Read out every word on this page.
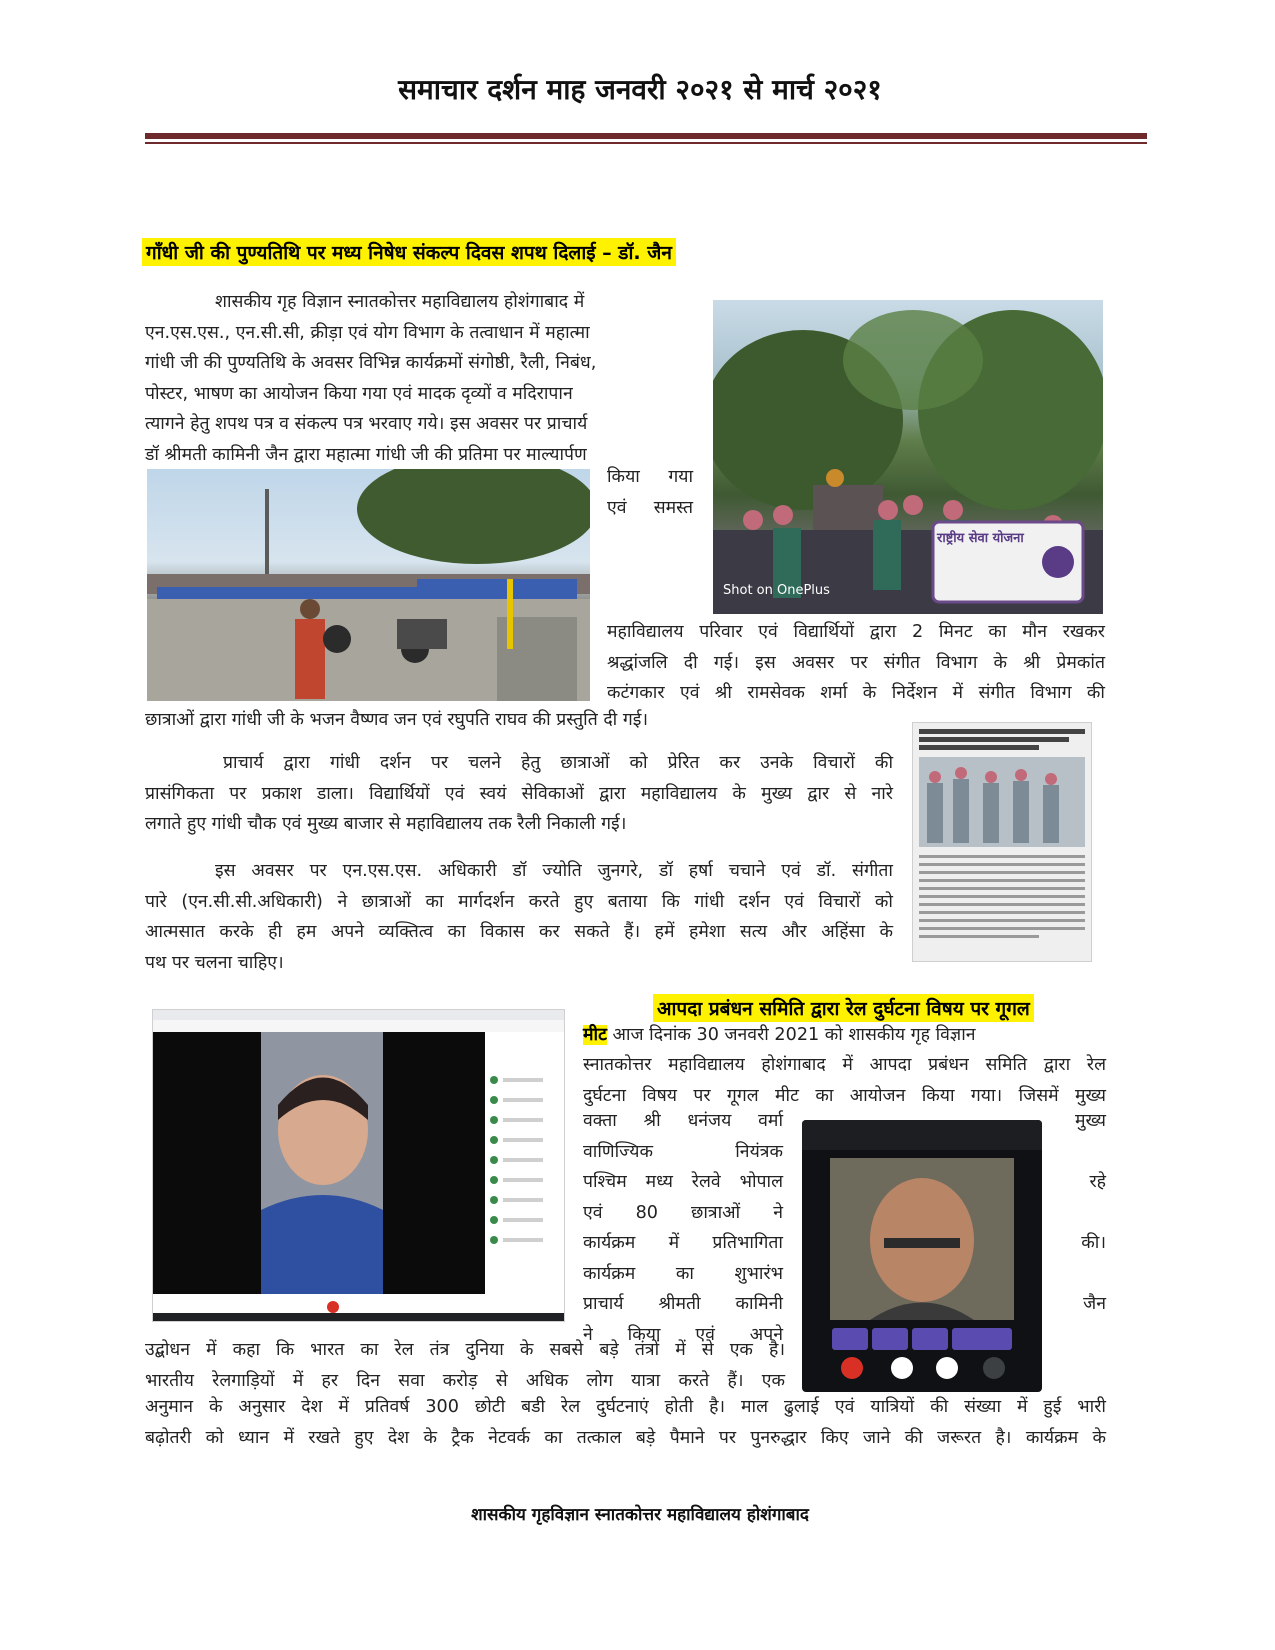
समाचार दर्शन माह जनवरी २०२१ से मार्च २०२१
गाँधी जी की पुण्यतिथि पर मध्य निषेध संकल्प दिवस शपथ दिलाई – डॉ. जैन

शासकीय गृह विज्ञान स्नातकोत्तर महाविद्यालय होशंगाबाद में

एन.एस.एस., एन.सी.सी, क्रीड़ा एवं योग विभाग के तत्वाधान में महात्मा

गांधी जी की पुण्यतिथि के अवसर विभिन्न कार्यक्रमों संगोष्ठी, रैली, निबंध,

पोस्टर, भाषण का आयोजन किया गया एवं मादक दृव्यों व मदिरापान

त्यागने हेतु शपथ पत्र व संकल्प पत्र भरवाए गये। इस अवसर पर प्राचार्य

डॉ श्रीमती कामिनी जैन द्वारा महात्मा गांधी जी की प्रतिमा पर माल्यार्पण

राष्ट्रीय सेवा योजना
Shot on OnePlus

किया गया

एवं समस्त

महाविद्यालय परिवार एवं विद्यार्थियों द्वारा 2 मिनट का मौन रखकर

श्रद्धांजलि दी गई। इस अवसर पर संगीत विभाग के श्री प्रेमकांत

कटंगकार एवं श्री रामसेवक शर्मा के निर्देशन में संगीत विभाग की

छात्राओं द्वारा गांधी जी के भजन वैष्णव जन एवं रघुपति राघव की प्रस्तुति दी गई।

प्राचार्य द्वारा गांधी दर्शन पर चलने हेतु छात्राओं को प्रेरित कर उनके विचारों की

प्रासंगिकता पर प्रकाश डाला। विद्यार्थियों एवं स्वयं सेविकाओं द्वारा महाविद्यालय के मुख्य द्वार से नारे

लगाते हुए गांधी चौक एवं मुख्य बाजार से महाविद्यालय तक रैली निकाली गई।

इस अवसर पर एन.एस.एस. अधिकारी डॉ ज्योति जुनगरे, डॉ हर्षा चचाने एवं डॉ. संगीता

पारे (एन.सी.सी.अधिकारी) ने छात्राओं का मार्गदर्शन करते हुए बताया कि गांधी दर्शन एवं विचारों को

आत्मसात करके ही हम अपने व्यक्तित्व का विकास कर सकते हैं। हमें हमेशा सत्य और अहिंसा के

पथ पर चलना चाहिए।

आपदा प्रबंधन समिति द्वारा रेल दुर्घटना विषय पर गूगल
मीट आज दिनांक 30 जनवरी 2021 को शासकीय गृह विज्ञान

स्नातकोत्तर महाविद्यालय होशंगाबाद में आपदा प्रबंधन समिति द्वारा रेल

दुर्घटना विषय पर गूगल मीट का आयोजन किया गया। जिसमें मुख्य

वक्ता श्री धनंजय वर्मा

वाणिज्यिक नियंत्रक

पश्चिम मध्य रेलवे भोपाल

एवं 80 छात्राओं ने

कार्यक्रम में प्रतिभागिता

कार्यक्रम का शुभारंभ

प्राचार्य श्रीमती कामिनी

ने किया एवं अपने

मुख्य

रहे

की।

जैन

उद्बोधन में कहा कि भारत का रेल तंत्र दुनिया के सबसे बड़े तंत्रों में से एक है।

भारतीय रेलगाड़ियों में हर दिन सवा करोड़ से अधिक लोग यात्रा करते हैं। एक

अनुमान के अनुसार देश में प्रतिवर्ष 300 छोटी बडी रेल दुर्घटनाएं होती है। माल ढुलाई एवं यात्रियों की संख्या में हुई भारी

बढ़ोतरी को ध्यान में रखते हुए देश के ट्रैक नेटवर्क का तत्काल बड़े पैमाने पर पुनरुद्धार किए जाने की जरूरत है। कार्यक्रम के

शासकीय गृहविज्ञान स्नातकोत्तर महाविद्यालय होशंगाबाद
